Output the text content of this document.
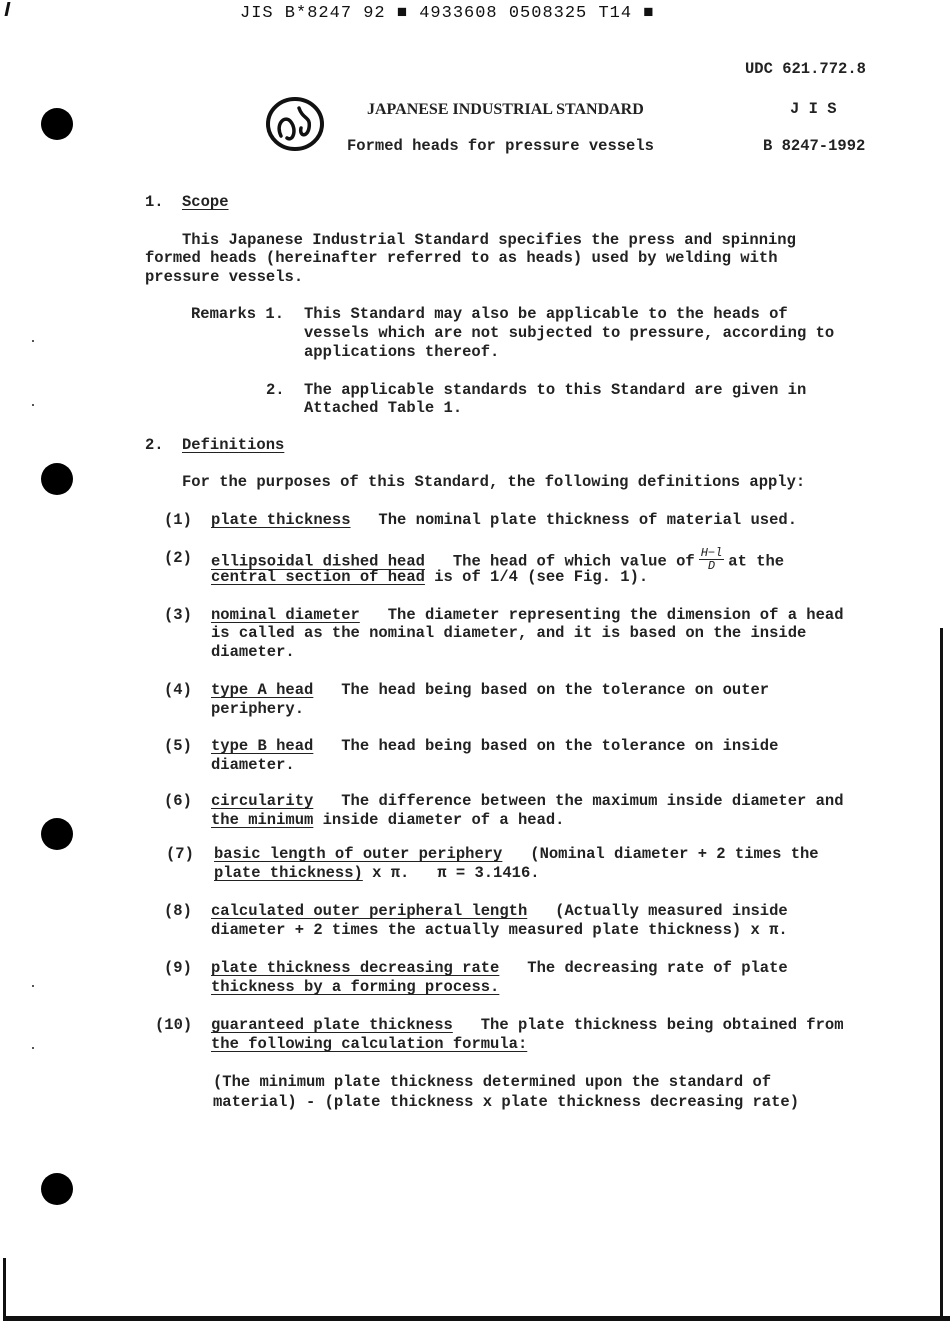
JIS B*8247 92 ■ 4933608 0508325 T14 ■
UDC 621.772.8
JAPANESE INDUSTRIAL STANDARD	J I S
Formed heads for pressure vessels	B 8247-1992
1. Scope
This Japanese Industrial Standard specifies the press and spinning
formed heads (hereinafter referred to as heads) used by welding with
pressure vessels.
Remarks 1. This Standard may also be applicable to the heads of
vessels which are not subjected to pressure, according to
applications thereof.
2. The applicable standards to this Standard are given in
Attached Table 1.
2. Definitions
For the purposes of this Standard, the following definitions apply:
(1) plate thickness   The nominal plate thickness of material used.
(2) ellipsoidal dished head   The head of which value of $\frac{H-l}{D}$ at the
central section of head is of 1/4 (see Fig. 1).
(3) nominal diameter   The diameter representing the dimension of a head
is called as the nominal diameter, and it is based on the inside
diameter.
(4) type A head   The head being based on the tolerance on outer
periphery.
(5) type B head   The head being based on the tolerance on inside
diameter.
(6) circularity   The difference between the maximum inside diameter and
the minimum inside diameter of a head.
(7) basic length of outer periphery   (Nominal diameter + 2 times the
plate thickness) x π.   π = 3.1416.
(8) calculated outer peripheral length   (Actually measured inside
diameter + 2 times the actually measured plate thickness) x π.
(9) plate thickness decreasing rate   The decreasing rate of plate
thickness by a forming process.
(10) guaranteed plate thickness   The plate thickness being obtained from
the following calculation formula:
(The minimum plate thickness determined upon the standard of
material) - (plate thickness x plate thickness decreasing rate)
